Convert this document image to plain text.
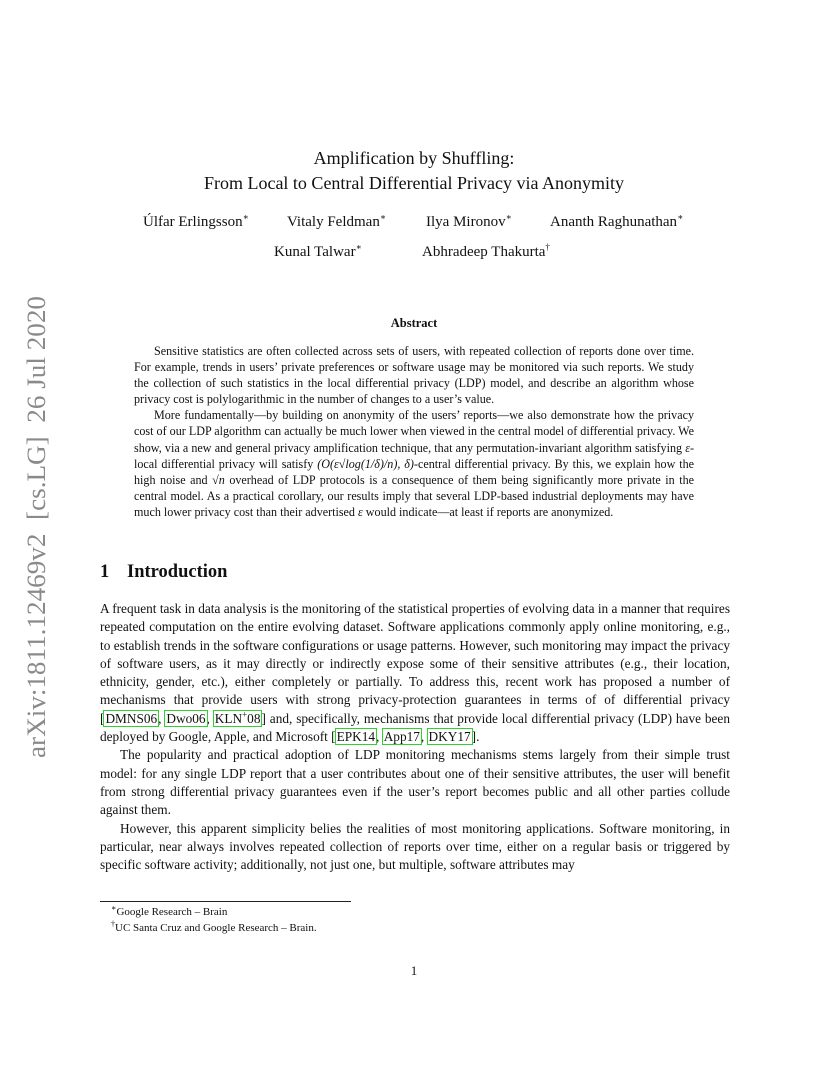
arXiv:1811.12469v2  [cs.LG]  26 Jul 2020
Amplification by Shuffling:
From Local to Central Differential Privacy via Anonymity
Úlfar Erlingsson∗	Vitaly Feldman∗	Ilya Mironov∗	Ananth Raghunathan∗
Kunal Talwar∗	Abhradeep Thakurta†
Abstract

Sensitive statistics are often collected across sets of users, with repeated collection of reports done over time. For example, trends in users’ private preferences or software usage may be monitored via such reports. We study the collection of such statistics in the local differential privacy (LDP) model, and describe an algorithm whose privacy cost is polylogarithmic in the number of changes to a user’s value.

More fundamentally—by building on anonymity of the users’ reports—we also demonstrate how the privacy cost of our LDP algorithm can actually be much lower when viewed in the central model of differential privacy. We show, via a new and general privacy amplification technique, that any permutation-invariant algorithm satisfying ε-local differential privacy will satisfy (O(ε√log(1/δ)/n), δ)-central differential privacy. By this, we explain how the high noise and √n overhead of LDP protocols is a consequence of them being significantly more private in the central model. As a practical corollary, our results imply that several LDP-based industrial deployments may have much lower privacy cost than their advertised ε would indicate—at least if reports are anonymized.

1 Introduction

A frequent task in data analysis is the monitoring of the statistical properties of evolving data in a manner that requires repeated computation on the entire evolving dataset. Software applications commonly apply online monitoring, e.g., to establish trends in the software configurations or usage patterns. However, such monitoring may impact the privacy of software users, as it may directly or indirectly expose some of their sensitive attributes (e.g., their location, ethnicity, gender, etc.), either completely or partially. To address this, recent work has proposed a number of mechanisms that provide users with strong privacy-protection guarantees in terms of of differential privacy [DMNS06, Dwo06, KLN+08] and, specifically, mechanisms that provide local differential privacy (LDP) have been deployed by Google, Apple, and Microsoft [EPK14, App17, DKY17].

The popularity and practical adoption of LDP monitoring mechanisms stems largely from their simple trust model: for any single LDP report that a user contributes about one of their sensitive attributes, the user will benefit from strong differential privacy guarantees even if the user’s report becomes public and all other parties collude against them.

However, this apparent simplicity belies the realities of most monitoring applications. Software monitoring, in particular, near always involves repeated collection of reports over time, either on a regular basis or triggered by specific software activity; additionally, not just one, but multiple, software attributes may

∗Google Research – Brain
†UC Santa Cruz and Google Research – Brain.
1
